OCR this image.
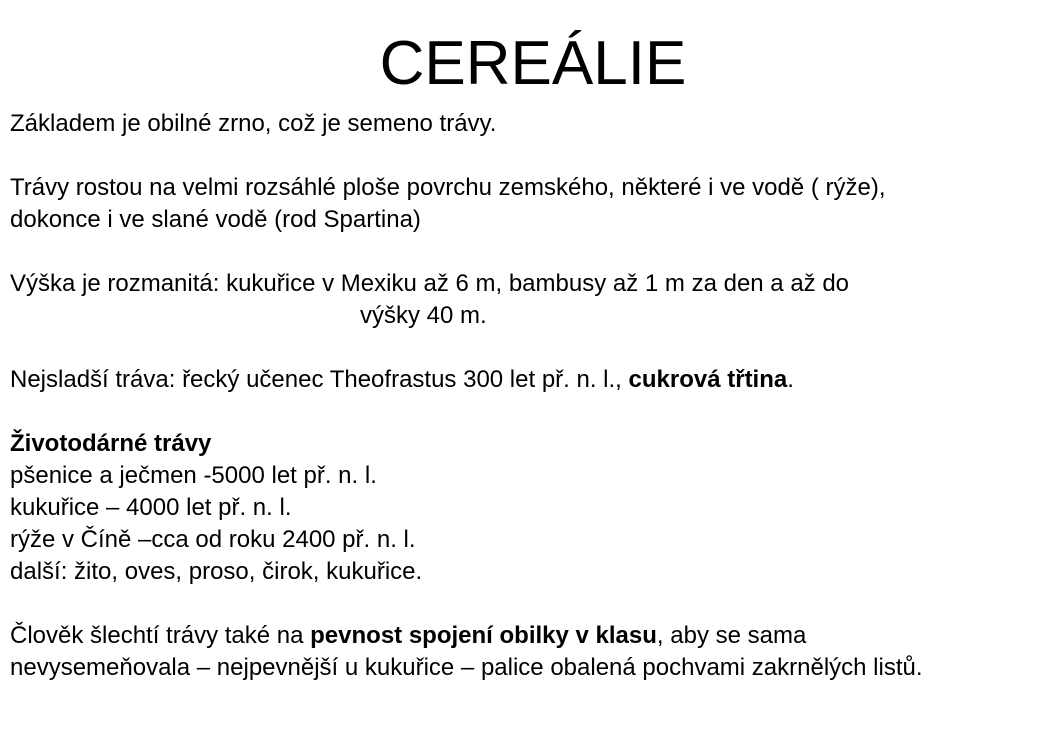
CEREÁLIE

Základem je obilné zrno, což je semeno trávy.

Trávy rostou na velmi rozsáhlé ploše povrchu zemského, některé i ve vodě ( rýže),

dokonce i ve slané vodě (rod Spartina)

Výška je rozmanitá: kukuřice v Mexiku až 6 m, bambusy až 1 m za den a až do

výšky 40 m.

Nejsladší tráva: řecký učenec Theofrastus 300 let př. n. l., cukrová třtina.

Životodárné trávy

pšenice a ječmen -5000 let př. n. l.

kukuřice – 4000 let př. n. l.

rýže v Číně –cca od roku 2400 př. n. l.

další: žito, oves, proso, čirok, kukuřice.

Člověk šlechtí trávy také na pevnost spojení obilky v klasu, aby se sama

nevysemeňovala – nejpevnější u kukuřice – palice obalená pochvami zakrnělých listů.
